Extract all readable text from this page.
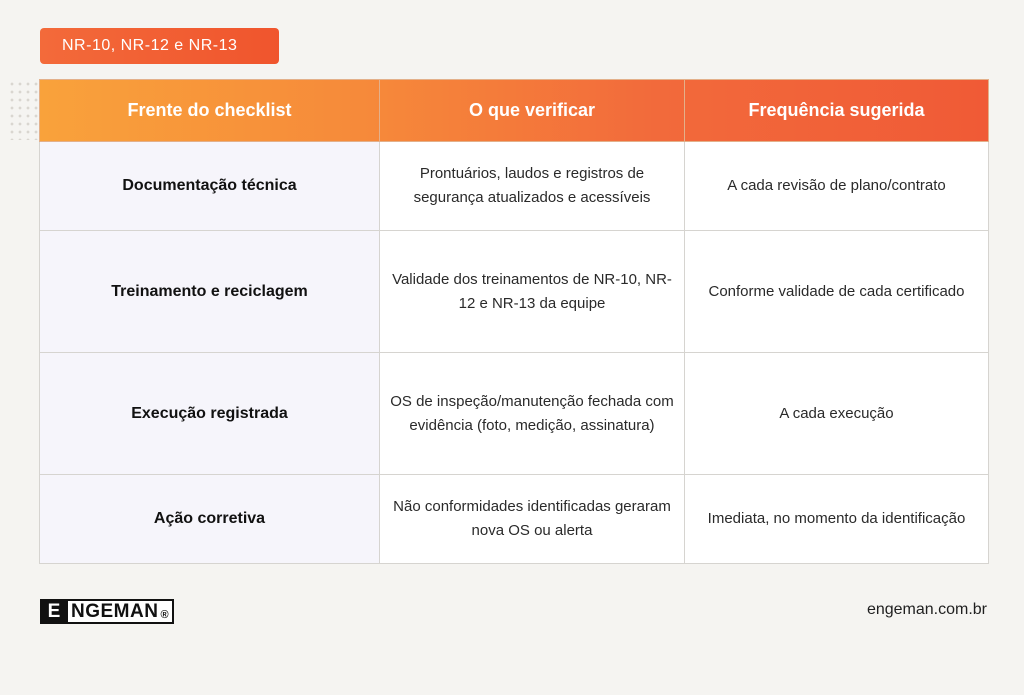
NR-10, NR-12 e NR-13
Frente do checklist	O que verificar	Frequência sugerida
Documentação técnica	Prontuários, laudos e registros de segurança atualizados e acessíveis	A cada revisão de plano/contrato
Treinamento e reciclagem	Validade dos treinamentos de NR-10, NR-12 e NR-13 da equipe	Conforme validade de cada certificado
Execução registrada	OS de inspeção/manutenção fechada com evidência (foto, medição, assinatura)	A cada execução
Ação corretiva	Não conformidades identificadas geraram nova OS ou alerta	Imediata, no momento da identificação
E NGEMAN ®	engeman.com.br
